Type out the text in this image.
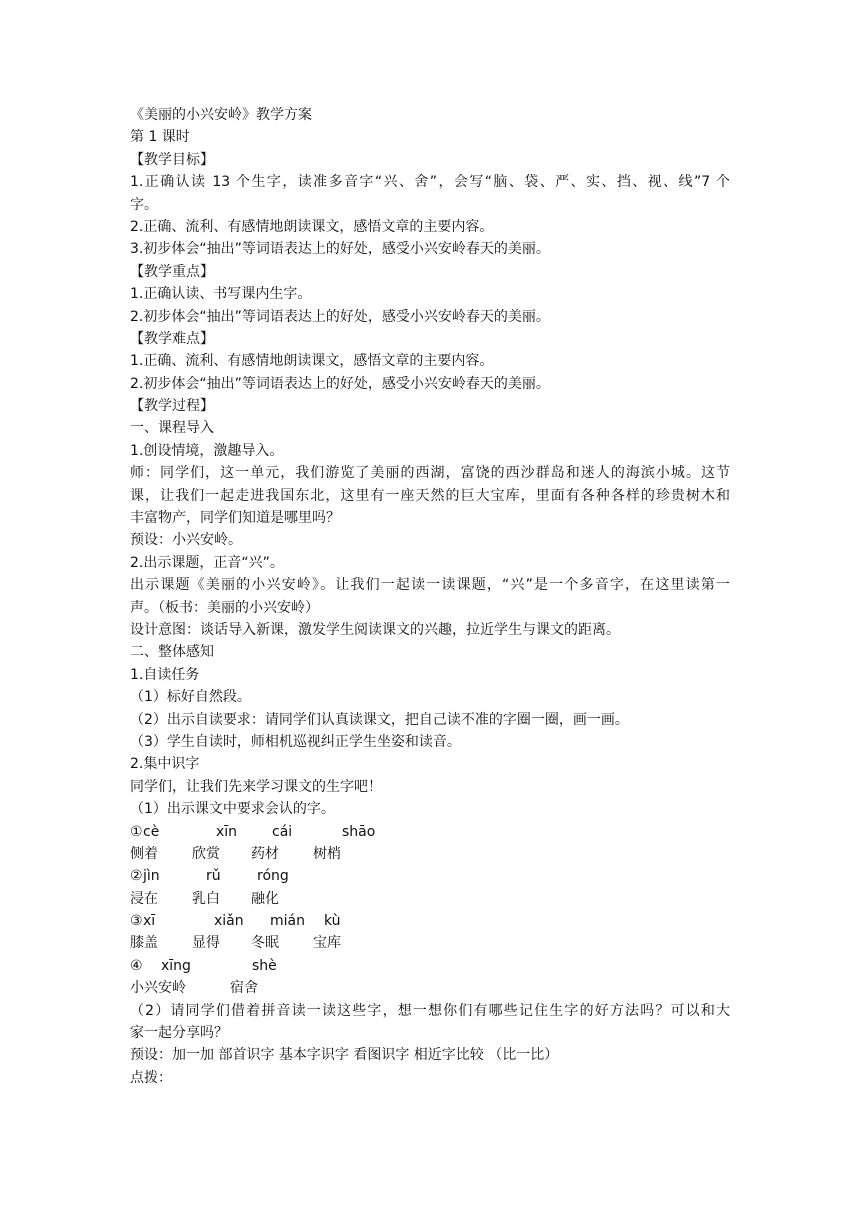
《美丽的小兴安岭》教学方案
第 1 课时
【教学目标】
1.正确认读 13 个生字，读准多音字“兴、舍”，会写“脑、袋、严、实、挡、视、线”7 个
字。
2.正确、流利、有感情地朗读课文，感悟文章的主要内容。
3.初步体会“抽出”等词语表达上的好处，感受小兴安岭春天的美丽。
【教学重点】
1.正确认读、书写课内生字。
2.初步体会“抽出”等词语表达上的好处，感受小兴安岭春天的美丽。
【教学难点】
1.正确、流利、有感情地朗读课文，感悟文章的主要内容。
2.初步体会“抽出”等词语表达上的好处，感受小兴安岭春天的美丽。
【教学过程】
一、课程导入
1.创设情境，激趣导入。
师：同学们，这一单元，我们游览了美丽的西湖，富饶的西沙群岛和迷人的海滨小城。这节
课，让我们一起走进我国东北，这里有一座天然的巨大宝库，里面有各种各样的珍贵树木和
丰富物产，同学们知道是哪里吗？
预设：小兴安岭。
2.出示课题，正音“兴”。
出示课题《美丽的小兴安岭》。让我们一起读一读课题，“兴”是一个多音字，在这里读第一
声。（板书：美丽的小兴安岭）
设计意图：谈话导入新课，激发学生阅读课文的兴趣，拉近学生与课文的距离。
二、整体感知
1.自读任务
（1）标好自然段。
（2）出示自读要求：请同学们认真读课文，把自己读不准的字圈一圈，画一画。
（3）学生自读时，师相机巡视纠正学生坐姿和读音。
2.集中识字
同学们，让我们先来学习课文的生字吧！
（1）出示课文中要求会认的字。
① cè	xīn cái	shāo
侧着 欣赏 药材 树梢
② jìn	rǔ	róng
浸在 乳白 融化
③ xī	xiǎn mián kù
膝盖 显得 冬眠 宝库
④ xīng	shè
小兴安岭	宿舍
（2）请同学们借着拼音读一读这些字，想一想你们有哪些记住生字的好方法吗？可以和大
家一起分享吗？
预设：加一加 部首识字 基本字识字 看图识字 相近字比较 （比一比）
点拨：
